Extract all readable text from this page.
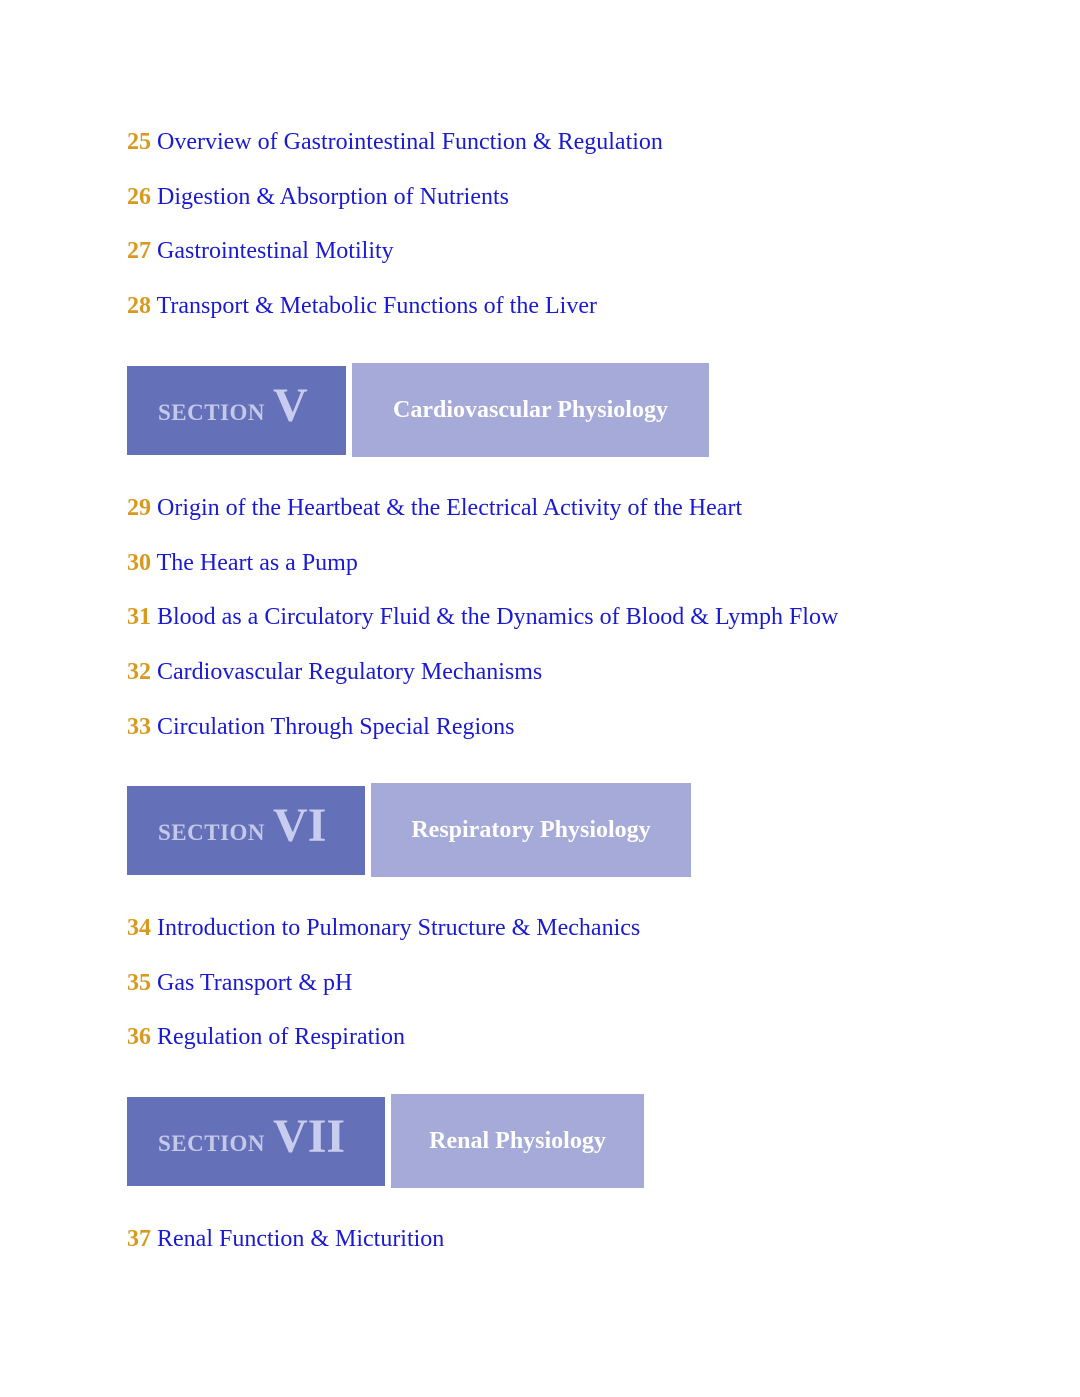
25 Overview of Gastrointestinal Function & Regulation

26 Digestion & Absorption of Nutrients

27 Gastrointestinal Motility

28 Transport & Metabolic Functions of the Liver

SECTION V	Cardiovascular Physiology

29 Origin of the Heartbeat & the Electrical Activity of the Heart

30 The Heart as a Pump

31 Blood as a Circulatory Fluid & the Dynamics of Blood & Lymph Flow

32 Cardiovascular Regulatory Mechanisms

33 Circulation Through Special Regions

SECTION VI	Respiratory Physiology

34 Introduction to Pulmonary Structure & Mechanics

35 Gas Transport & pH

36 Regulation of Respiration

SECTION VII	Renal Physiology

37 Renal Function & Micturition
